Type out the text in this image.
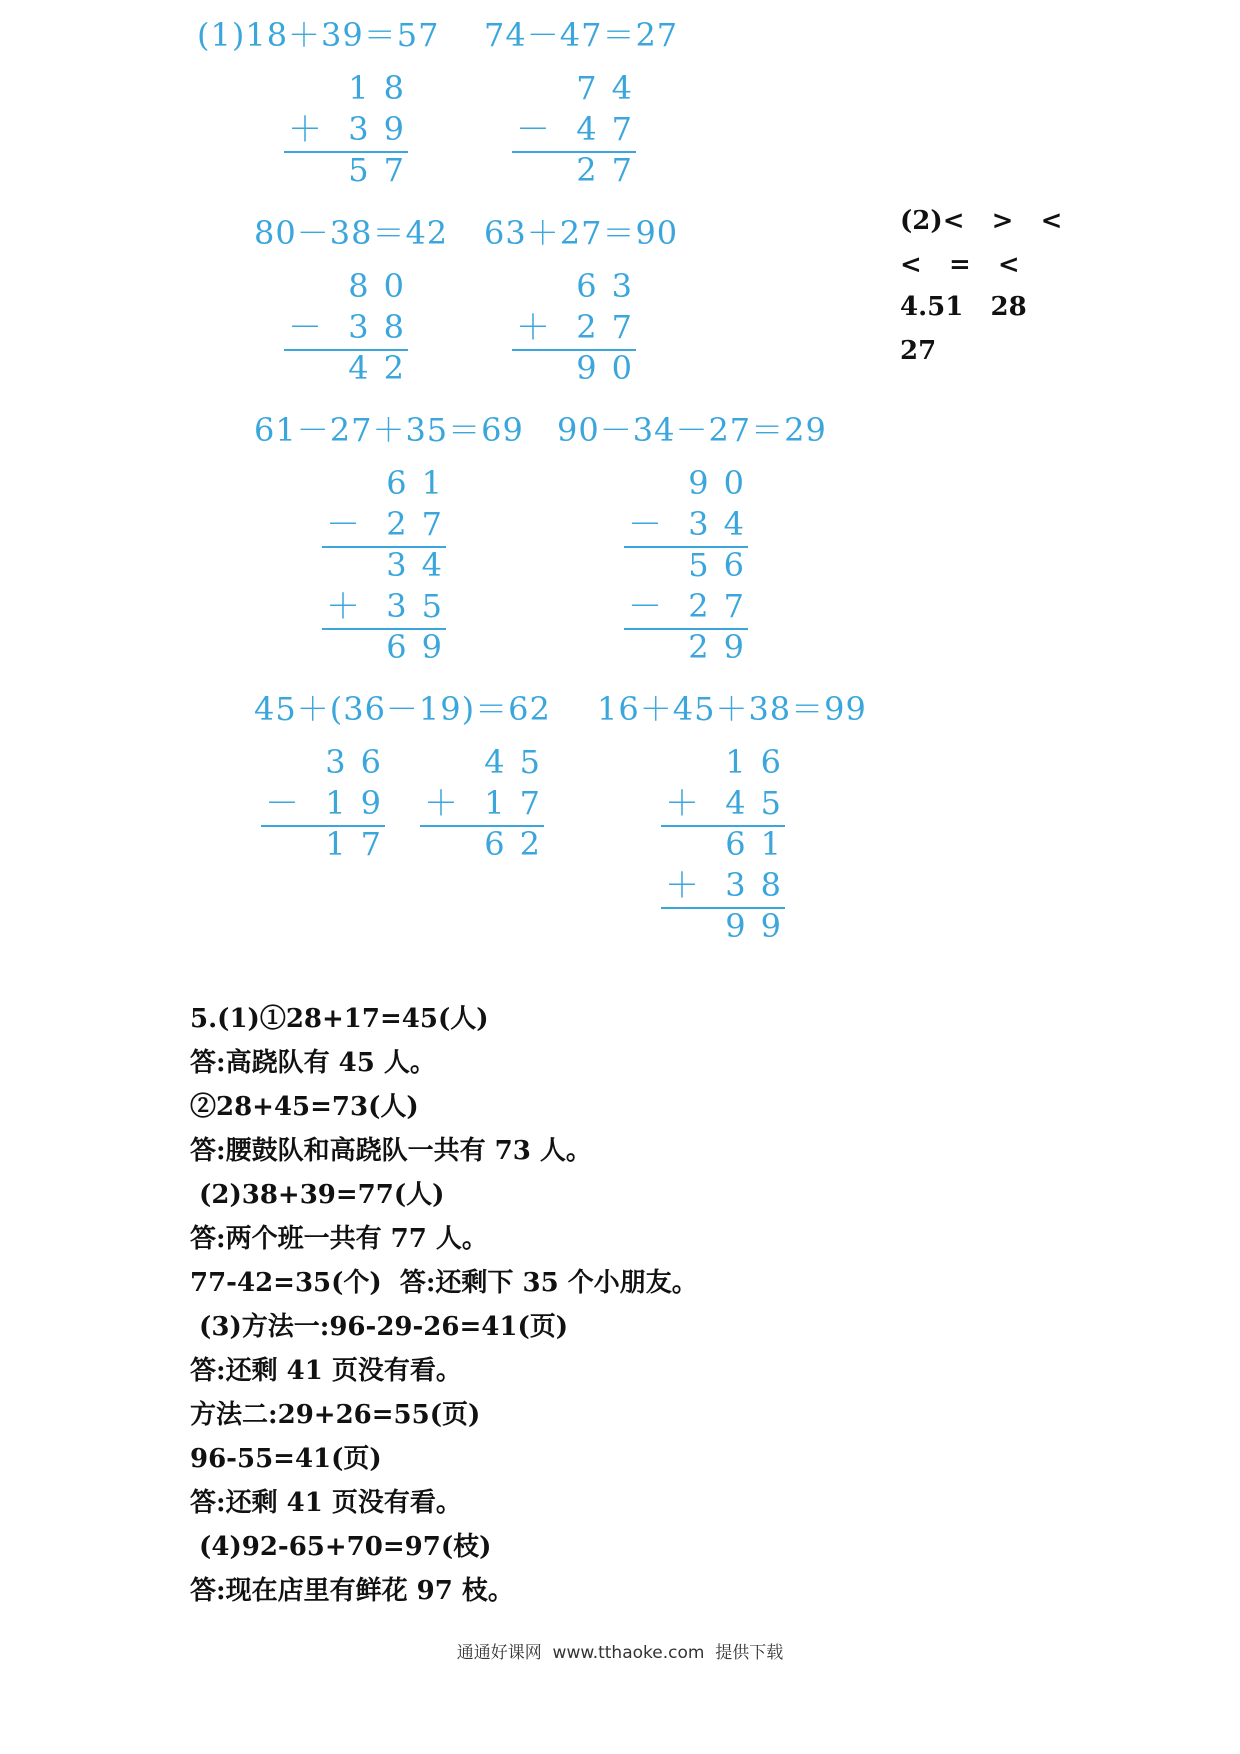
(1)18＋39＝57 74－47＝27
80－38＝42 63＋27＝90
61－27＋35＝69 90－34－27＝29
45＋(36－19)＝62 16＋45＋38＝99
18
＋ 39
57
74
－ 47
27
80
－ 38
42
63
＋ 27
90
61
－ 27
34
＋ 35
69
90
－ 34
56
－ 27
29
36
－ 19
17
45
＋ 17
62
16
＋ 45
61
＋ 38
99
(2)<   >   <
<   =   <
4.51   28
27
5.(1)①28+17=45(人)
答:高跷队有 45 人。
②28+45=73(人)
答:腰鼓队和高跷队一共有 73 人。
(2)38+39=77(人)
答:两个班一共有 77 人。
77-42=35(个)  答:还剩下 35 个小朋友。
(3)方法一:96-29-26=41(页)
答:还剩 41 页没有看。
方法二:29+26=55(页)
96-55=41(页)
答:还剩 41 页没有看。
(4)92-65+70=97(枝)
答:现在店里有鲜花 97 枝。
通通好课网  www.tthaoke.com  提供下载
